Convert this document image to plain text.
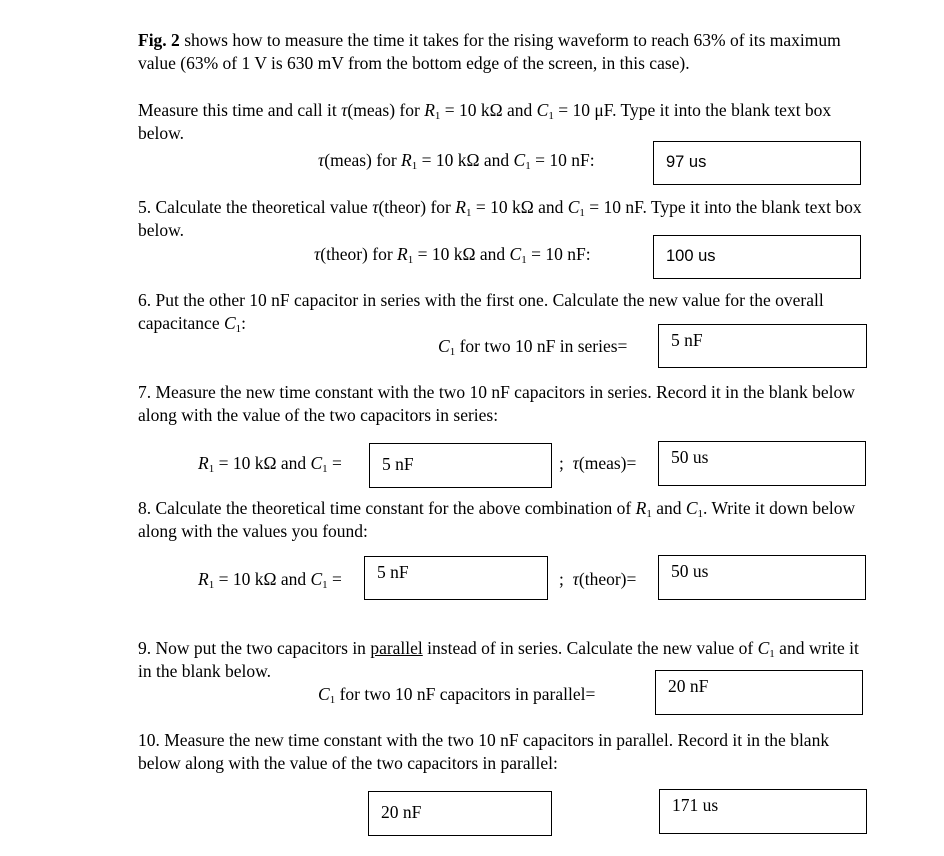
Fig. 2 shows how to measure the time it takes for the rising waveform to reach 63% of its maximum value (63% of 1 V is 630 mV from the bottom edge of the screen, in this case).

Measure this time and call it τ(meas) for $R_1 = 10$ kΩ and $C_1 = 10$ μF. Type it into the blank text box below.

τ(meas) for $R_1 = 10$ kΩ and $C_1 = 10$ nF:	97 us

5. Calculate the theoretical value τ(theor) for $R_1 = 10$ kΩ and $C_1 = 10$ nF. Type it into the blank text box below.

τ(theor) for $R_1 = 10$ kΩ and $C_1 = 10$ nF:	100 us

6. Put the other 10 nF capacitor in series with the first one. Calculate the new value for the overall capacitance $C_1$:

$C_1$ for two 10 nF in series=	5 nF

7. Measure the new time constant with the two 10 nF capacitors in series. Record it in the blank below along with the value of the two capacitors in series:

$R_1 = 10$ kΩ and $C_1$ =	5 nF	; τ(meas)=	50 us

8. Calculate the theoretical time constant for the above combination of $R_1$ and $C_1$. Write it down below along with the values you found:

$R_1 = 10$ kΩ and $C_1$ =	5 nF	; τ(theor)=	50 us

9. Now put the two capacitors in parallel instead of in series. Calculate the new value of $C_1$ and write it in the blank below.

$C_1$ for two 10 nF capacitors in parallel=	20 nF

10. Measure the new time constant with the two 10 nF capacitors in parallel. Record it in the blank below along with the value of the two capacitors in parallel:

20 nF	171 us
